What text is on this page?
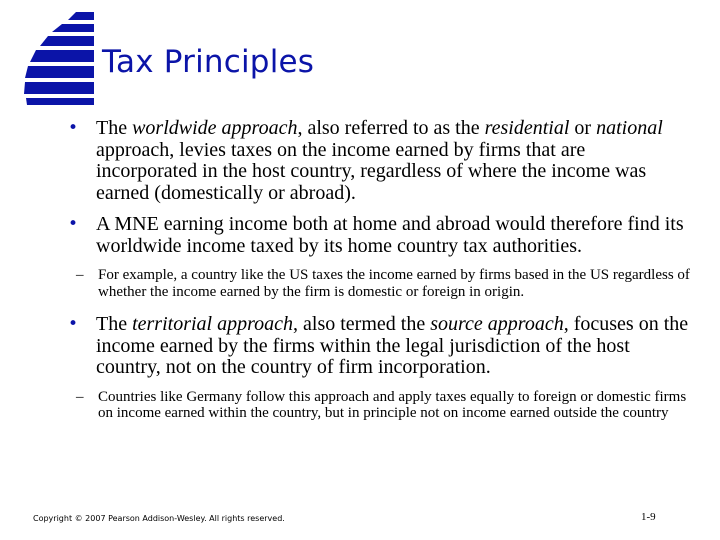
Tax Principles
• The worldwide approach, also referred to as the residential or national approach, levies taxes on the income earned by firms that are incorporated in the host country, regardless of where the income was earned (domestically or abroad).
• A MNE earning income both at home and abroad would therefore find its worldwide income taxed by its home country tax authorities.
– For example, a country like the US taxes the income earned by firms based in the US regardless of whether the income earned by the firm is domestic or foreign in origin.
• The territorial approach, also termed the source approach, focuses on the income earned by the firms within the legal jurisdiction of the host country, not on the country of firm incorporation.
– Countries like Germany follow this approach and apply taxes equally to foreign or domestic firms on income earned within the country, but in principle not on income earned outside the country
Copyright © 2007 Pearson Addison-Wesley. All rights reserved.	1-9
